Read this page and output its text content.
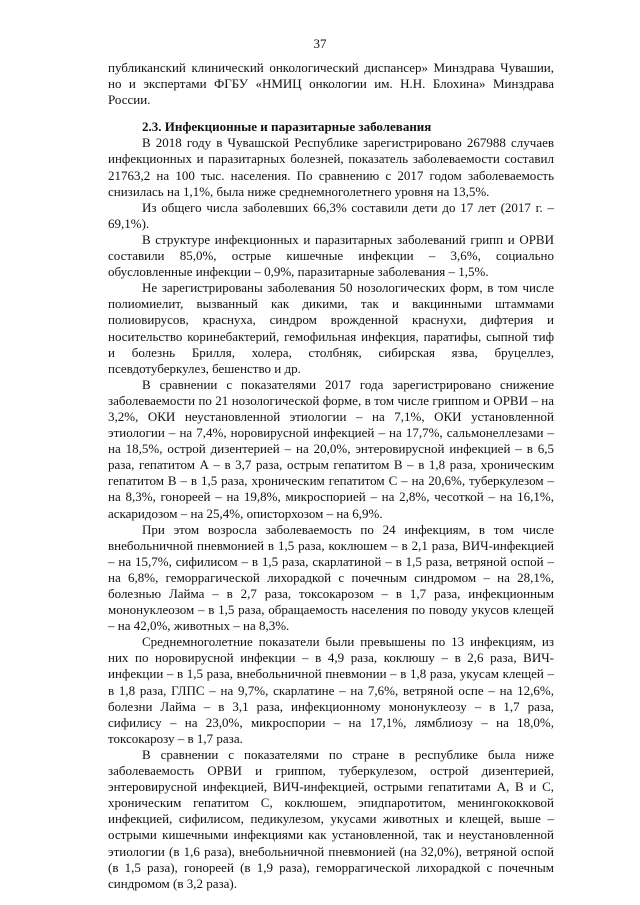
37

публиканский клинический онкологический диспансер» Минздрава Чувашии, но и экспертами ФГБУ «НМИЦ онкологии им. Н.Н. Блохина» Минздрава России.

2.3. Инфекционные и паразитарные заболевания

В 2018 году в Чувашской Республике зарегистрировано 267988 случаев инфекционных и паразитарных болезней, показатель заболеваемости составил 21763,2 на 100 тыс. населения. По сравнению с 2017 годом заболеваемость снизилась на 1,1%, была ниже среднемноголетнего уровня на 13,5%.

Из общего числа заболевших 66,3% составили дети до 17 лет (2017 г. – 69,1%).

В структуре инфекционных и паразитарных заболеваний грипп и ОРВИ составили 85,0%, острые кишечные инфекции – 3,6%, социально обусловленные инфекции – 0,9%, паразитарные заболевания – 1,5%.

Не зарегистрированы заболевания 50 нозологических форм, в том числе полиомиелит, вызванный как дикими, так и вакцинными штаммами полиовирусов, краснуха, синдром врожденной краснухи, дифтерия и носительство коринебактерий, гемофильная инфекция, паратифы, сыпной тиф и болезнь Брилля, холера, столбняк, сибирская язва, бруцеллез, псевдотуберкулез, бешенство и др.

В сравнении с показателями 2017 года зарегистрировано снижение заболеваемости по 21 нозологической форме, в том числе гриппом и ОРВИ – на 3,2%, ОКИ неустановленной этиологии – на 7,1%, ОКИ установленной этиологии – на 7,4%, норовирусной инфекцией – на 17,7%, сальмонеллезами – на 18,5%, острой дизентерией – на 20,0%, энтеровирусной инфекцией – в 6,5 раза, гепатитом А – в 3,7 раза, острым гепатитом В – в 1,8 раза, хроническим гепатитом В – в 1,5 раза, хроническим гепатитом С – на 20,6%, туберкулезом – на 8,3%, гонореей – на 19,8%, микроспорией – на 2,8%, чесоткой – на 16,1%, аскаридозом – на 25,4%, описторхозом – на 6,9%.

При этом возросла заболеваемость по 24 инфекциям, в том числе внебольничной пневмонией в 1,5 раза, коклюшем – в 2,1 раза, ВИЧ-инфекцией – на 15,7%, сифилисом – в 1,5 раза, скарлатиной – в 1,5 раза, ветряной оспой – на 6,8%, геморрагической лихорадкой с почечным синдромом – на 28,1%, болезнью Лайма – в 2,7 раза, токсокарозом – в 1,7 раза, инфекционным мононуклеозом – в 1,5 раза, обращаемость населения по поводу укусов клещей – на 42,0%, животных – на 8,3%.

Среднемноголетние показатели были превышены по 13 инфекциям, из них по норовирусной инфекции – в 4,9 раза, коклюшу – в 2,6 раза, ВИЧ-инфекции – в 1,5 раза, внебольничной пневмонии – в 1,8 раза, укусам клещей – в 1,8 раза, ГЛПС – на 9,7%, скарлатине – на 7,6%, ветряной оспе – на 12,6%, болезни Лайма – в 3,1 раза, инфекционному мононуклеозу – в 1,7 раза, сифилису – на 23,0%, микроспории – на 17,1%, лямблиозу – на 18,0%, токсокарозу – в 1,7 раза.

В сравнении с показателями по стране в республике была ниже заболеваемость ОРВИ и гриппом, туберкулезом, острой дизентерией, энтеровирусной инфекцией, ВИЧ-инфекцией, острыми гепатитами А, В и С, хроническим гепатитом С, коклюшем, эпидпаротитом, менингококковой инфекцией, сифилисом, педикулезом, укусами животных и клещей, выше – острыми кишечными инфекциями как установленной, так и неустановленной этиологии (в 1,6 раза), внебольничной пневмонией (на 32,0%), ветряной оспой (в 1,5 раза), гонореей (в 1,9 раза), геморрагической лихорадкой с почечным синдромом (в 3,2 раза).
